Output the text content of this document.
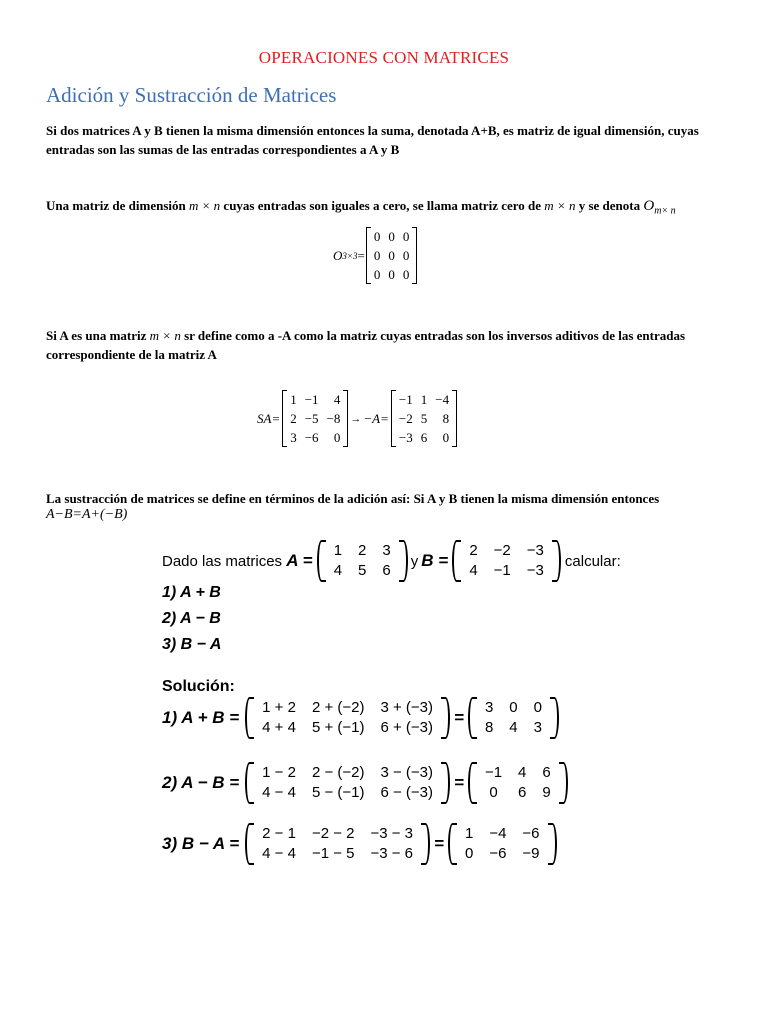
OPERACIONES CON MATRICES
Adición y Sustracción de Matrices
Si dos matrices A y B tienen la misma dimensión entonces la suma, denotada A+B, es matriz de igual dimensión, cuyas entradas son las sumas de las entradas correspondientes a A y B
Una matriz de dimensión m × n cuyas entradas son iguales a cero, se llama matriz cero de m × n y se denota $O_{m\times n}$
O 3×3 =
0	0	0
0	0	0
0	0	0
Si A es una matriz m × n sr define como a -A como la matriz cuyas entradas son los inversos aditivos de las entradas correspondiente de la matriz A
SA=
1	−1	4
2	−5	−8
3	−6	0
→ −A=
−1	1	−4
−2	5	8
−3	6	0
La sustracción de matrices se define en términos de la adición así: Si A y B tienen la misma dimensión entonces
A−B=A+(−B)
Dado las matrices
A =

1	2	3
4	5	6
y B =

2	−2	−3
4	−1	−3
calcular:
1) A + B
2) A − B
3) B − A
Solución:
1) A + B =
1 + 2	2 + (−2)	3 + (−3)
4 + 4	5 + (−1)	6 + (−3)
=
3	0	0
8	4	3
2) A − B =
1 − 2	2 − (−2)	3 − (−3)
4 − 4	5 − (−1)	6 − (−3)
=
−1	4	6
0	6	9
3) B − A =
2 − 1	−2 − 2	−3 − 3
4 − 4	−1 − 5	−3 − 6
=
1	−4	−6
0	−6	−9
